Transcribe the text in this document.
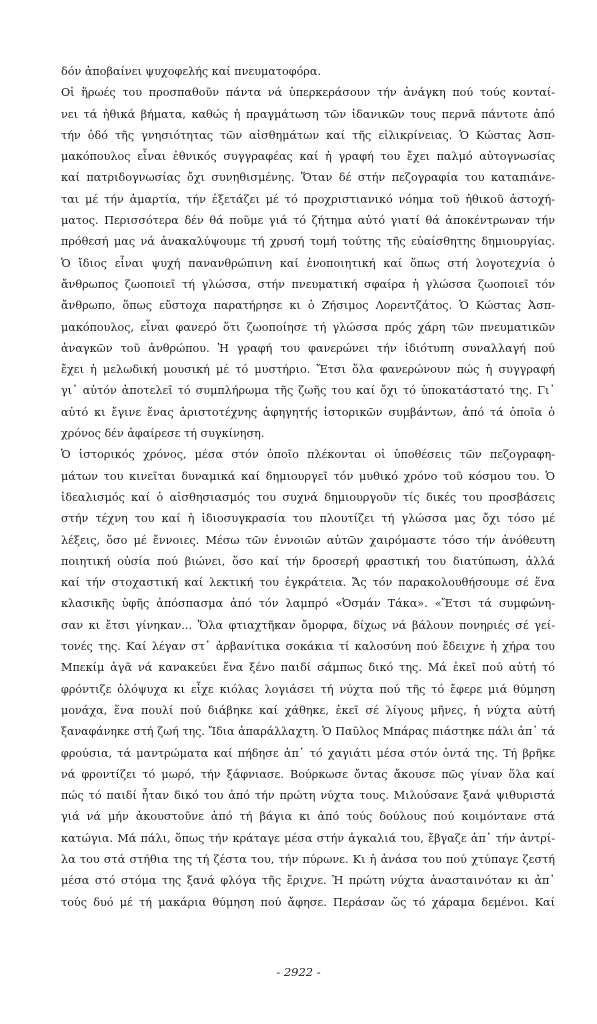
δόν ἀποβαίνει ψυχοφελής καί πνευματοφόρα.
Οἱ ἥρωές του προσπαθοῦν πάντα νά ὑπερκεράσουν τήν ἀνάγκη πού τούς κονταί-
νει τά ἠθικά βήματα, καθώς ἡ πραγμάτωση τῶν ἰδανικῶν τους περνᾶ πάντοτε ἀπό
τήν ὁδό τῆς γνησιότητας τῶν αἰσθημάτων καί τῆς εἰλικρίνειας. Ὁ Κώστας Ἀσπ-
μακόπουλος εἶναι ἐθνικός συγγραφέας καί ἡ γραφή του ἔχει παλμό αὐτογνωσίας
καί πατριδογνωσίας ὄχι συνηθισμένης. Ὅταν δέ στήν πεζογραφία του καταπιάνε-
ται μέ τήν ἁμαρτία, τήν ἐξετάζει μέ τό προχριστιανικό νόημα τοῦ ἠθικοῦ ἀστοχή-
ματος. Περισσότερα δέν θά ποῦμε γιά τό ζήτημα αὐτό γιατί θά ἀποκέντρωναν τήν
πρόθεσή μας νά ἀνακαλύψουμε τή χρυσή τομή τούτης τῆς εὐαίσθητης δημιουργίας.
Ὁ ἴδιος εἶναι ψυχή πανανθρώπινη καί ἑνοποιητική καί ὅπως στή λογοτεχνία ὁ
ἄνθρωπος ζωοποιεῖ τή γλώσσα, στήν πνευματική σφαίρα ἡ γλώσσα ζωοποιεῖ τόν
ἄνθρωπο, ὅπως εὔστοχα παρατήρησε κι ὁ Ζήσιμος Λορεντζάτος. Ὁ Κώστας Ἀσπ-
μακόπουλος, εἶναι φανερό ὅτι ζωοποίησε τή γλώσσα πρός χάρη τῶν πνευματικῶν
ἀναγκῶν τοῦ ἀνθρώπου. Ἡ γραφή του φανερώνει τήν ἰδιότυπη συναλλαγή πού
ἔχει ἡ μελωδική μουσική μέ τό μυστήριο. Ἔτσι ὅλα φανερώνουν πώς ἡ συγγραφή
γι᾿ αὐτόν ἀποτελεῖ τό συμπλήρωμα τῆς ζωῆς του καί ὄχι τό ὑποκατάστατό της. Γι᾿
αὐτό κι ἔγινε ἕνας ἀριστοτέχνης ἀφηγητής ἱστορικῶν συμβάντων, ἀπό τά ὁποῖα ὁ
χρόνος δέν ἀφαίρεσε τή συγκίνηση.
Ὁ ἱστορικός χρόνος, μέσα στόν ὁποῖο πλέκονται οἱ ὑποθέσεις τῶν πεζογραφη-
μάτων του κινεῖται δυναμικά καί δημιουργεῖ τόν μυθικό χρόνο τοῦ κόσμου του. Ὁ
ἰδεαλισμός καί ὁ αἰσθησιασμός του συχνά δημιουργοῦν τίς δικές του προσβάσεις
στήν τέχνη του καί ἡ ἰδιοσυγκρασία του πλουτίζει τή γλώσσα μας ὄχι τόσο μέ
λέξεις, ὅσο μέ ἔννοιες. Μέσω τῶν ἐννοιῶν αὐτῶν χαιρόμαστε τόσο τήν ἀνόθευτη
ποιητική οὐσία πού βιώνει, ὅσο καί τήν δροσερή φραστική του διατύπωση, ἀλλά
καί τήν στοχαστική καί λεκτική του ἐγκράτεια. Ἄς τόν παρακολουθήσουμε σέ ἕνα
κλασικῆς ὑφῆς ἀπόσπασμα ἀπό τόν λαμπρό «Ὀσμάν Τάκα». «Ἔτσι τά συμφώνη-
σαν κι ἔτσι γίνηκαν... Ὅλα φτιαχτῆκαν ὄμορφα, δίχως νά βάλουν πονηριές σέ γεί-
τονές της. Καί λέγαν στ᾿ ἀρβανίτικα σοκάκια τί καλοσύνη πού ἔδειχνε ἡ χήρα του
Μπεκίμ ἀγᾶ νά κανακεύει ἕνα ξένο παιδί σάμπως δικό της. Μά ἐκεῖ πού αὐτή τό
φρόντιζε ὁλόψυχα κι εἶχε κιόλας λογιάσει τή νύχτα πού τῆς τό ἔφερε μιά θύμηση
μονάχα, ἕνα πουλί πού διάβηκε καί χάθηκε, ἐκεῖ σέ λίγους μῆνες, ἡ νύχτα αὐτή
ξαναφάνηκε στή ζωή της. Ἴδια ἀπαράλλαχτη. Ὁ Παῦλος Μπάρας πιάστηκε πάλι ἀπ᾿ τά
φρούσια, τά μαντρώματα καί πήδησε ἀπ᾿ τό χαγιάτι μέσα στόν ὀντά της. Τή βρῆκε
νά φροντίζει τό μωρό, τήν ξάφνιασε. Βούρκωσε ὄντας ἄκουσε πῶς γίναν ὅλα καί
πώς τό παιδί ἦταν δικό του ἀπό τήν πρώτη νύχτα τους. Μιλούσανε ξανά ψιθυριστά
γιά νά μήν ἀκουστοῦνε ἀπό τή βάγια κι ἀπό τούς δούλους πού κοιμόντανε στά
κατώγια. Μά πάλι, ὅπως τήν κράταγε μέσα στήν ἀγκαλιά του, ἔβγαζε ἀπ᾿ τήν ἀντρί-
λα του στά στήθια της τή ζέστα του, τήν πύρωνε. Κι ἡ ἀνάσα του πού χτύπαγε ζεστή
μέσα στό στόμα της ξανά φλόγα τῆς ἔριχνε. Ἡ πρώτη νύχτα ἀνασταινόταν κι ἀπ᾿
τούς δυό μέ τή μακάρια θύμηση πού ἄφησε. Περάσαν ὥς τό χάραμα δεμένοι. Καί
- 2922 -
